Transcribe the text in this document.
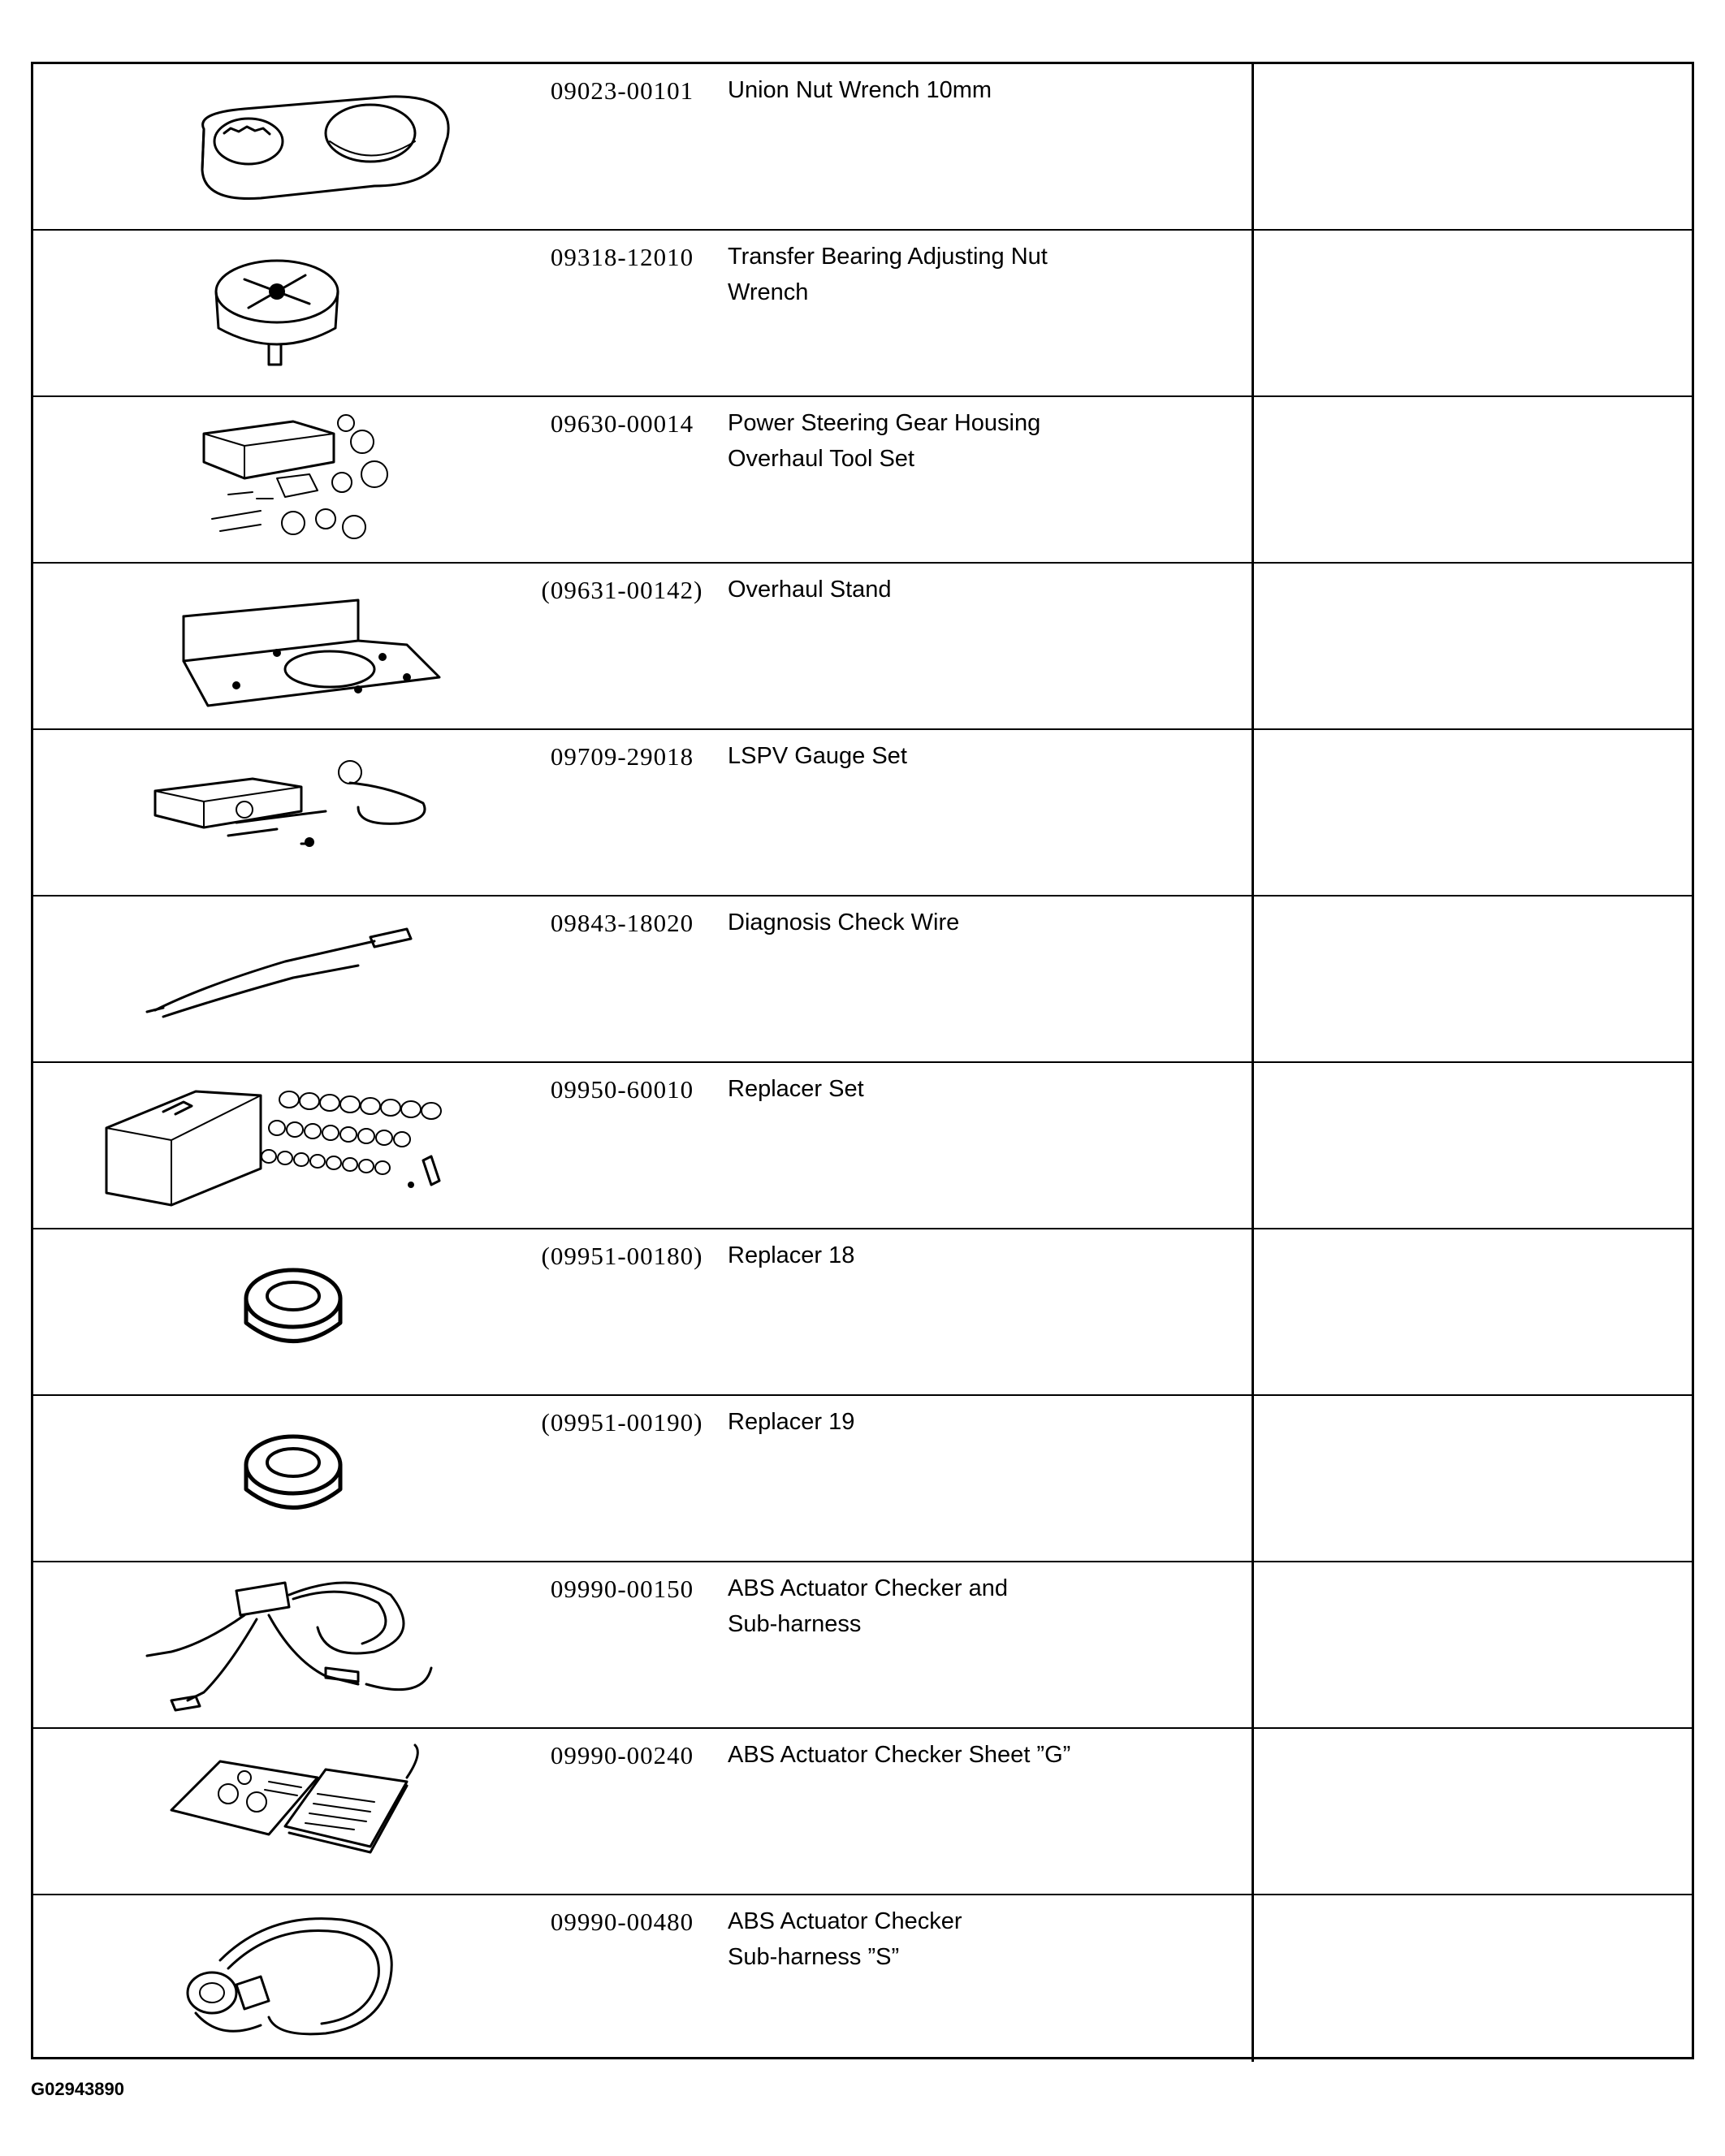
09023-00101	Union Nut Wrench 10mm
09318-12010	Transfer Bearing Adjusting Nut
Wrench
09630-00014	Power Steering Gear Housing
Overhaul Tool Set
(09631-00142)	Overhaul Stand
09709-29018	LSPV Gauge Set
09843-18020	Diagnosis Check Wire
09950-60010	Replacer Set
(09951-00180)	Replacer 18
(09951-00190)	Replacer 19
09990-00150	ABS Actuator Checker and
Sub-harness
09990-00240	ABS Actuator Checker Sheet ”G”
09990-00480	ABS Actuator Checker
Sub-harness ”S”
G02943890
